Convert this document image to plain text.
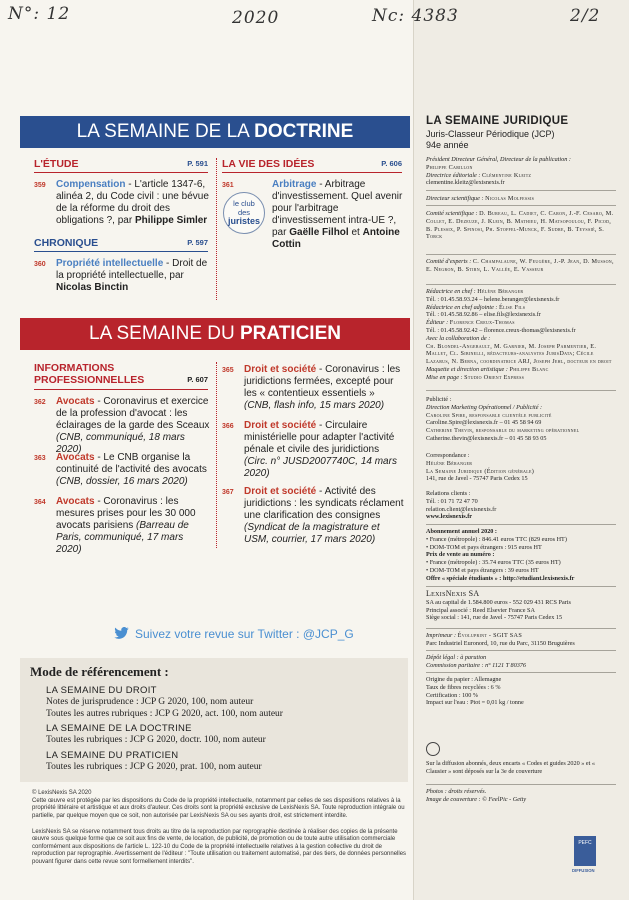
N°: 12	2020	Nc: 4383	2/2
LA SEMAINE DE LA DOCTRINE
L'ÉTUDE	P. 591
359 Compensation - L'article 1347-6, alinéa 2, du Code civil : une bévue de la réforme du droit des obligations ?, par Philippe Simler
CHRONIQUE	P. 597
360 Propriété intellectuelle - Droit de la propriété intellectuelle, par Nicolas Binctin
LA VIE DES IDÉES	P. 606
361	Arbitrage - Arbitrage d'investissement. Quel avenir pour l'arbitrage d'investissement intra-UE ?, par Gaëlle Filhol et Antoine Cottin
le club
des
juristes
LA SEMAINE DU PRATICIEN
INFORMATIONS
PROFESSIONNELLES	P. 607
362 Avocats - Coronavirus et exercice de la profession d'avocat : les éclairages de la garde des Sceaux (CNB, communiqué, 18 mars 2020)
363 Avocats - Le CNB organise la continuité de l'activité des avocats (CNB, dossier, 16 mars 2020)
364 Avocats - Coronavirus : les mesures prises pour les 30 000 avocats parisiens (Barreau de Paris, communiqué, 17 mars 2020)
365 Droit et société - Coronavirus : les juridictions fermées, excepté pour les « contentieux essentiels » (CNB, flash info, 15 mars 2020)
366 Droit et société - Circulaire ministérielle pour adapter l'activité pénale et civile des juridictions (Circ. n° JUSD2007740C, 14 mars 2020)
367 Droit et société - Activité des juridictions : les syndicats réclament une clarification des consignes (Syndicat de la magistrature et USM, courrier, 17 mars 2020)
Suivez votre revue sur Twitter : @JCP_G
Mode de référencement :
LA SEMAINE DU DROIT
Notes de jurisprudence : JCP G 2020, 100, nom auteur
Toutes les autres rubriques : JCP G 2020, act. 100, nom auteur
LA SEMAINE DE LA DOCTRINE
Toutes les rubriques : JCP G 2020, doctr. 100, nom auteur
LA SEMAINE DU PRATICIEN
Toutes les rubriques : JCP G 2020, prat. 100, nom auteur
© LexisNexis SA 2020
Cette œuvre est protégée par les dispositions du Code de la propriété intellectuelle, notamment par celles de ses dispositions relatives à la propriété littéraire et artistique et aux droits d'auteur. Ces droits sont la propriété exclusive de LexisNexis SA. Toute reproduction intégrale ou partielle, par quelque moyen que ce soit, non autorisée par LexisNexis SA ou ses ayants droit, est strictement interdite.
LexisNexis SA se réserve notamment tous droits au titre de la reproduction par reprographie destinée à réaliser des copies de la présente œuvre sous quelque forme que ce soit aux fins de vente, de location, de publicité, de promotion ou de toute autre utilisation commerciale conformément aux dispositions de l'article L. 122-10 du Code de la propriété intellectuelle relatives à la gestion collective du droit de reproduction par reprographie. Avertissement de l'éditeur : "Toute utilisation ou traitement automatisé, par des tiers, de données personnelles pouvant figurer dans cette revue sont formellement interdits".
LA SEMAINE JURIDIQUE
Juris-Classeur Périodique (JCP)
94e année
Président Directeur Général, Directeur de la publication :
Philippe Carillon
Directrice éditoriale : Clémentine Kleitz
clementine.kleitz@lexisnexis.fr
Directeur scientifique : Nicolas Molfessis
Comité scientifique : D. Bureau, L. Cadiet, C. Caron, J.-F. Cesaro, M. Collet, E. Dezeuze, J. Klein, B. Mathieu, H. Matsopoulou, F. Picod, B. Plessix, P. Spinosi, Ph. Stoffel-Munck, F. Sudre, B. Teyssié, S. Torck
Comité d'experts : C. Champalaune, W. Feugère, J.-P. Jean, D. Musson, E. Negron, B. Stirn, L. Vallée, E. Vasseur
Rédactrice en chef : Hélène Béranger
Tél. : 01.45.58.93.24 – helene.beranger@lexisnexis.fr
Rédactrice en chef adjointe : Élise Fils
Tél. : 01.45.58.92.86 – elise.fils@lexisnexis.fr
Éditeur : Florence Creux-Thomas
Tél. : 01.45.58.92.42 – florence.creux-thomas@lexisnexis.fr
Avec la collaboration de :
Ch. Blondel-Angebault, M. Garnier, M. Joseph Parmentier, E. Mallet, Cl. Sibinelli, rédacteurs-analystes JurisData; Cécile Lazarus, N. Berna, coordinatrice ARJ, Joseph Jehl, docteur en droit
Maquette et direction artistique : Philippe Blanc
Mise en page : Studio Orient Express
Publicité :
Direction Marketing Opérationnel / Publicité :
Caroline Spire, responsable clientèle publicité
Caroline.Spire@lexisnexis.fr – 01 45 58 94 69
Catherine Thevin, responsable du marketing opérationnel
Catherine.thevin@lexisnexis.fr – 01 45 58 93 05
Correspondance :
Hélène Béranger
La Semaine Juridique (Édition générale)
141, rue de Javel - 75747 Paris Cedex 15
Relations clients :
Tél. : 01 71 72 47 70
relation.client@lexisnexis.fr
www.lexisnexis.fr
Abonnement annuel 2020 :
• France (métropole) : 846.41 euros TTC (829 euros HT)
• DOM-TOM et pays étrangers : 915 euros HT
Prix de vente au numéro :
• France (métropole) : 35.74 euros TTC (35 euros HT)
• DOM-TOM et pays étrangers : 39 euros HT
Offre « spéciale étudiants » : http://etudiant.lexisnexis.fr
LexisNexis SA
SA au capital de 1.584.800 euros - 552 029 431 RCS Paris
Principal associé : Reed Elsevier France SA
Siège social : 141, rue de Javel - 75747 Paris Cedex 15
Imprimeur : Évoluprint - SGIT SAS
Parc Industriel Euronord, 10, rue du Parc, 31150 Bruguières
Dépôt légal : à parution
Commission paritaire : n° 1121 T 80376
Origine du papier : Allemagne
Taux de fibres recyclées : 6 %
Certification : 100 %
Impact sur l'eau : Ptot = 0,01 kg / tonne
Sur la diffusion abonnés, deux encarts « Codes et guides 2020 » et « Clausier » sont déposés sur la 3e de couverture
Photos : droits réservés.
Image de couverture : © FeelPic - Getty
PEFC
DIFFUSION
